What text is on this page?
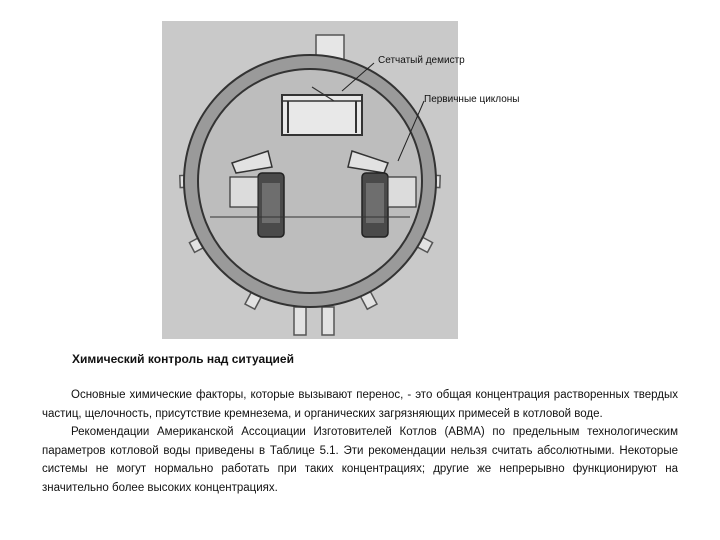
Сетчатый демистр
Первичные циклоны
Химический контроль над ситуацией

Основные химические факторы, которые вызывают перенос, - это общая концентрация растворенных твердых частиц, щелочность, присутствие кремнезема, и органических загрязняющих примесей в котловой воде.

Рекомендации Американской Ассоциации Изготовителей Котлов (ABMA) по предельным технологическим параметров котловой воды приведены в Таблице 5.1. Эти рекомендации нельзя считать абсолютными. Некоторые системы не могут нормально работать при таких концентрациях; другие же непрерывно функционируют на значительно более высоких концентрациях.
